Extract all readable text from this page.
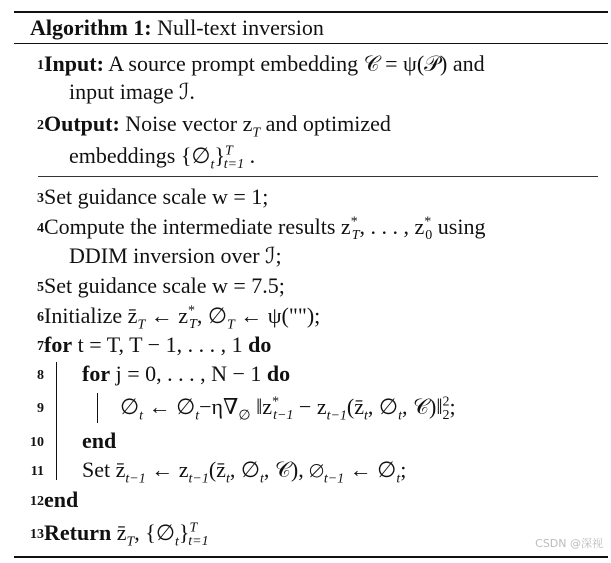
Algorithm 1: Null-text inversion
1 Input: A source prompt embedding 𝒞 = ψ(𝒫) and
input image ℐ.
2 Output: Noise vector $z_T$ and optimized
embeddings $\{\emptyset_t\}^T_{t=1}$ .
3 Set guidance scale w = 1;
4 Compute the intermediate results $z^*_T$, . . . , $z^*_0$ using
DDIM inversion over ℐ;
5 Set guidance scale w = 7.5;
6 Initialize $z̄_T$ ← $z^*_T$, $\emptyset_T$ ← ψ("");
7 for t = T, T − 1, . . . , 1 do
8 for j = 0, . . . , N − 1 do
9	$\emptyset_t$ ← $\emptyset_t-\eta\nabla_\emptyset$ $‖z^*_{t-1}$ − $z_{t-1}(z̄_t$, $\emptyset_t$, 𝒞)‖$^2_2$;
10 end
11 Set $z̄_{t-1}$ ← $z_{t-1}(z̄_t$, $\emptyset_t$, 𝒞), $\emptyset_{t-1}$ ← $\emptyset_t$;
12 end
13 Return $z̄_T$, $\{\emptyset_t\}^T_{t=1}$	CSDN @深视
